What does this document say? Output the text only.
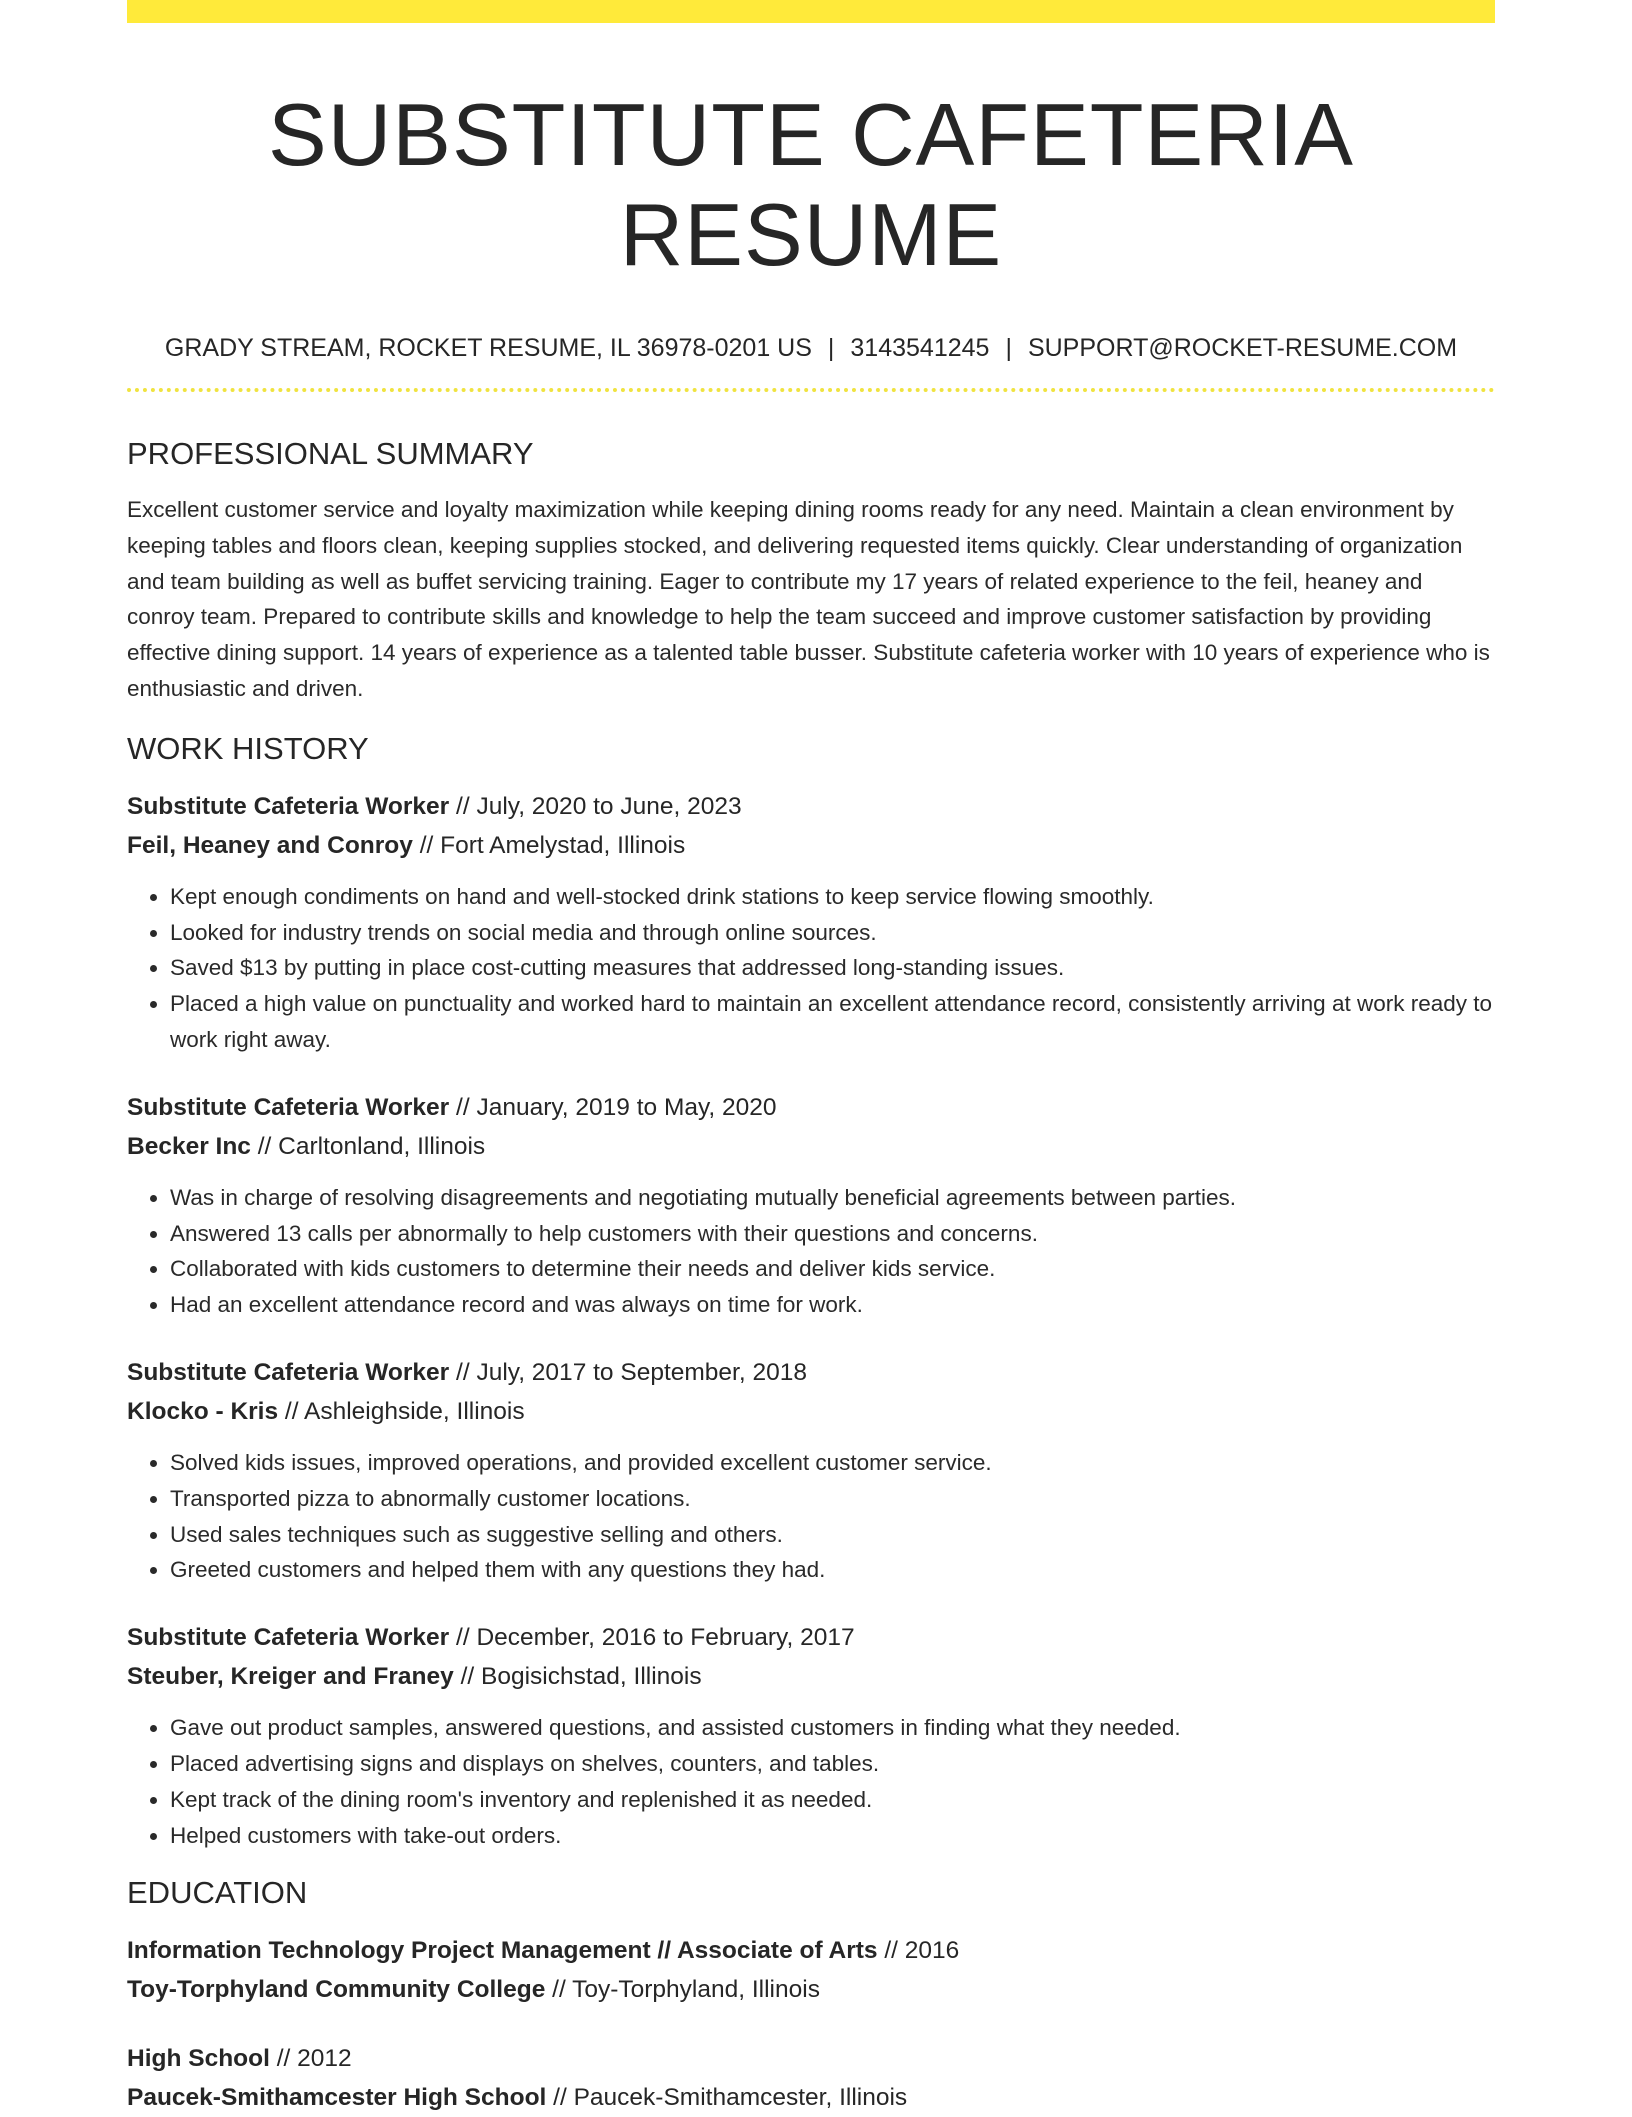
SUBSTITUTE CAFETERIA RESUME
GRADY STREAM, ROCKET RESUME, IL 36978-0201 US | 3143541245 | SUPPORT@ROCKET-RESUME.COM
PROFESSIONAL SUMMARY

Excellent customer service and loyalty maximization while keeping dining rooms ready for any need. Maintain a clean environment by keeping tables and floors clean, keeping supplies stocked, and delivering requested items quickly. Clear understanding of organization and team building as well as buffet servicing training. Eager to contribute my 17 years of related experience to the feil, heaney and conroy team. Prepared to contribute skills and knowledge to help the team succeed and improve customer satisfaction by providing effective dining support. 14 years of experience as a talented table busser. Substitute cafeteria worker with 10 years of experience who is enthusiastic and driven.

WORK HISTORY
Substitute Cafeteria Worker // July, 2020 to June, 2023
Feil, Heaney and Conroy // Fort Amelystad, Illinois
• Kept enough condiments on hand and well-stocked drink stations to keep service flowing smoothly.
• Looked for industry trends on social media and through online sources.
• Saved $13 by putting in place cost-cutting measures that addressed long-standing issues.
• Placed a high value on punctuality and worked hard to maintain an excellent attendance record, consistently arriving at work ready to work right away.
Substitute Cafeteria Worker // January, 2019 to May, 2020
Becker Inc // Carltonland, Illinois
• Was in charge of resolving disagreements and negotiating mutually beneficial agreements between parties.
• Answered 13 calls per abnormally to help customers with their questions and concerns.
• Collaborated with kids customers to determine their needs and deliver kids service.
• Had an excellent attendance record and was always on time for work.
Substitute Cafeteria Worker // July, 2017 to September, 2018
Klocko - Kris // Ashleighside, Illinois
• Solved kids issues, improved operations, and provided excellent customer service.
• Transported pizza to abnormally customer locations.
• Used sales techniques such as suggestive selling and others.
• Greeted customers and helped them with any questions they had.
Substitute Cafeteria Worker // December, 2016 to February, 2017
Steuber, Kreiger and Franey // Bogisichstad, Illinois
• Gave out product samples, answered questions, and assisted customers in finding what they needed.
• Placed advertising signs and displays on shelves, counters, and tables.
• Kept track of the dining room's inventory and replenished it as needed.
• Helped customers with take-out orders.
EDUCATION
Information Technology Project Management // Associate of Arts // 2016
Toy-Torphyland Community College // Toy-Torphyland, Illinois
High School // 2012
Paucek-Smithamcester High School // Paucek-Smithamcester, Illinois
